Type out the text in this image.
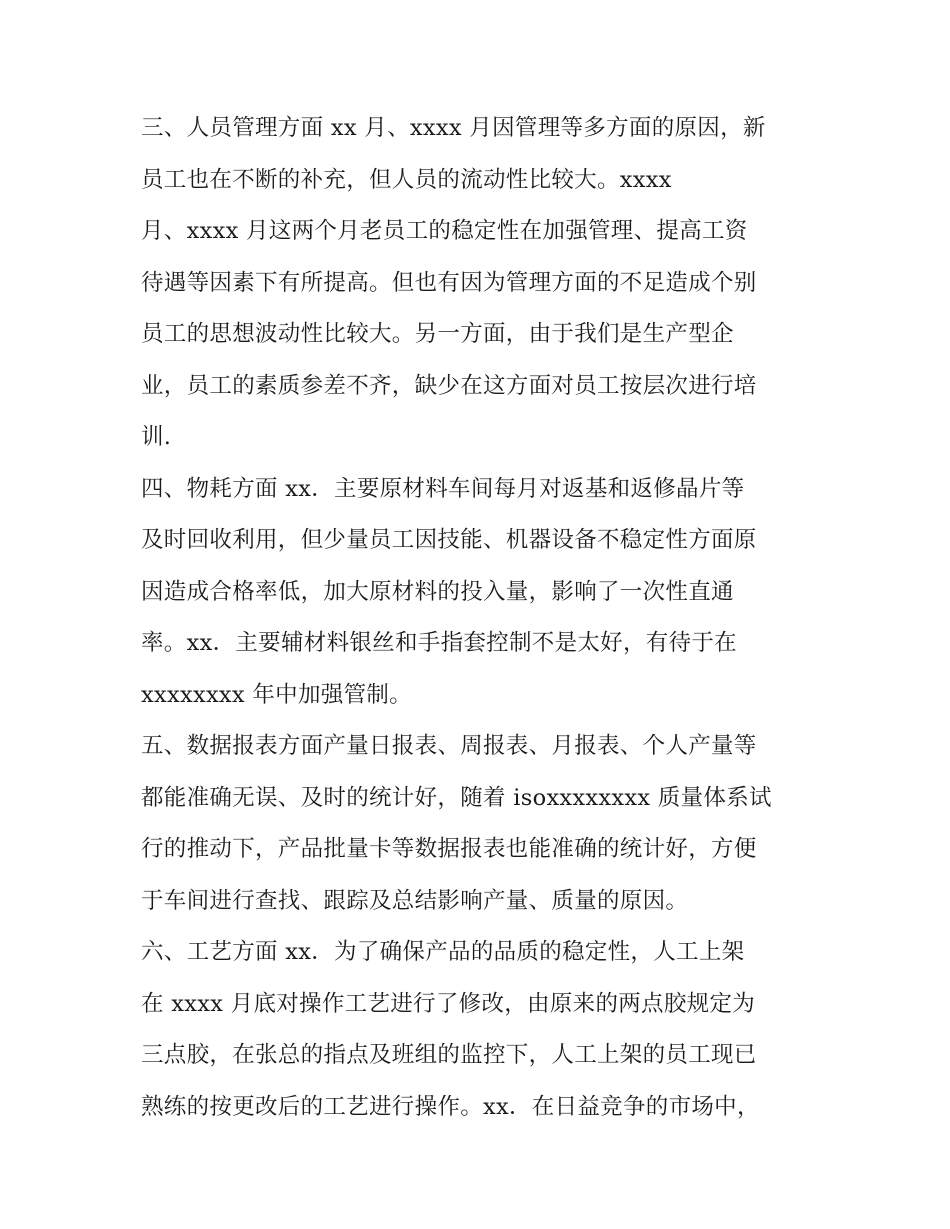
三、人员管理方面 xx 月、xxxx 月因管理等多方面的原因，新
员工也在不断的补充，但人员的流动性比较大。xxxx
月、xxxx 月这两个月老员工的稳定性在加强管理、提高工资
待遇等因素下有所提高。但也有因为管理方面的不足造成个别
员工的思想波动性比较大。另一方面，由于我们是生产型企
业，员工的素质参差不齐，缺少在这方面对员工按层次进行培
训.
四、物耗方面 xx．主要原材料车间每月对返基和返修晶片等
及时回收利用，但少量员工因技能、机器设备不稳定性方面原
因造成合格率低，加大原材料的投入量，影响了一次性直通
率。xx．主要辅材料银丝和手指套控制不是太好，有待于在
xxxxxxxx 年中加强管制。
五、数据报表方面产量日报表、周报表、月报表、个人产量等
都能准确无误、及时的统计好，随着 isoxxxxxxxx 质量体系试
行的推动下，产品批量卡等数据报表也能准确的统计好，方便
于车间进行查找、跟踪及总结影响产量、质量的原因。
六、工艺方面 xx．为了确保产品的品质的稳定性，人工上架
在 xxxx 月底对操作工艺进行了修改，由原来的两点胶规定为
三点胶，在张总的指点及班组的监控下，人工上架的员工现已
熟练的按更改后的工艺进行操作。xx．在日益竞争的市场中，
